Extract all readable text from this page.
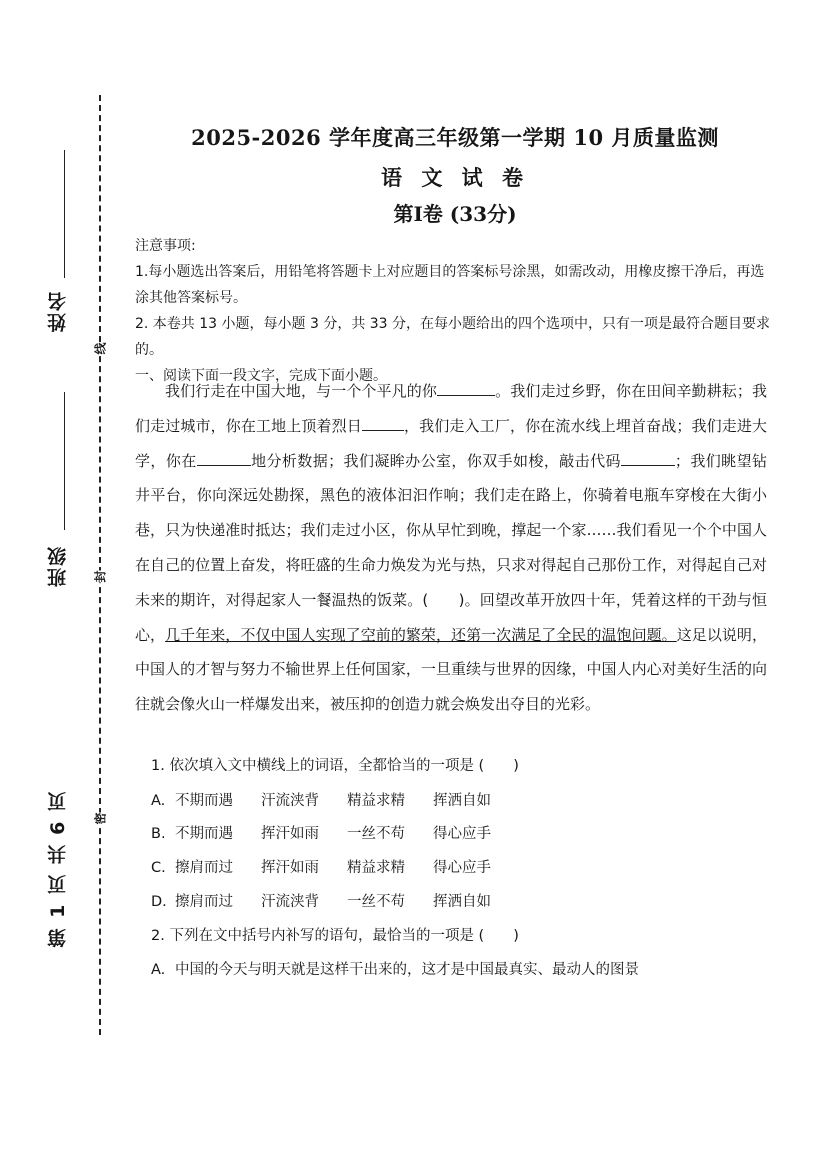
姓名
班级
第 1 页 共 6 页
线
封
密
2025-2026 学年度高三年级第一学期 10 月质量监测
语 文 试 卷
第Ⅰ卷 (33分)
注意事项:
1.每小题选出答案后，用铅笔将答题卡上对应题目的答案标号涂黑，如需改动，用橡皮擦干净后，再选涂其他答案标号。
2. 本卷共 13 小题，每小题 3 分，共 33 分，在每小题给出的四个选项中，只有一项是最符合题目要求的。
一、阅读下面一段文字，完成下面小题。
我们行走在中国大地，与一个个平凡的你	。我们走过乡野，你在田间辛勤耕耘；我们走过城市，你在工地上顶着烈日	，我们走入工厂，你在流水线上埋首奋战；我们走进大学，你在	地分析数据；我们凝眸办公室，你双手如梭，敲击代码	；我们眺望钻井平台，你向深远处勘探，黑色的液体汩汩作响；我们走在路上，你骑着电瓶车穿梭在大街小巷，只为快递准时抵达；我们走过小区，你从早忙到晚，撑起一个家……我们看见一个个中国人在自己的位置上奋发，将旺盛的生命力焕发为光与热，只求对得起自己那份工作，对得起自己对未来的期许，对得起家人一餐温热的饭菜。(　　)。回望改革开放四十年，凭着这样的干劲与恒心，几千年来，不仅中国人实现了空前的繁荣，还第一次满足了全民的温饱问题。这足以说明，中国人的才智与努力不输世界上任何国家，一旦重续与世界的因缘，中国人内心对美好生活的向往就会像火山一样爆发出来，被压抑的创造力就会焕发出夺目的光彩。
1. 依次填入文中横线上的词语，全都恰当的一项是 (　　)
A. 不期而遇 汗流浃背 精益求精 挥洒自如
B. 不期而遇 挥汗如雨 一丝不苟 得心应手
C. 擦肩而过 挥汗如雨 精益求精 得心应手
D. 擦肩而过 汗流浃背 一丝不苟 挥洒自如
2. 下列在文中括号内补写的语句，最恰当的一项是 (　　)
A. 中国的今天与明天就是这样干出来的，这才是中国最真实、最动人的图景
